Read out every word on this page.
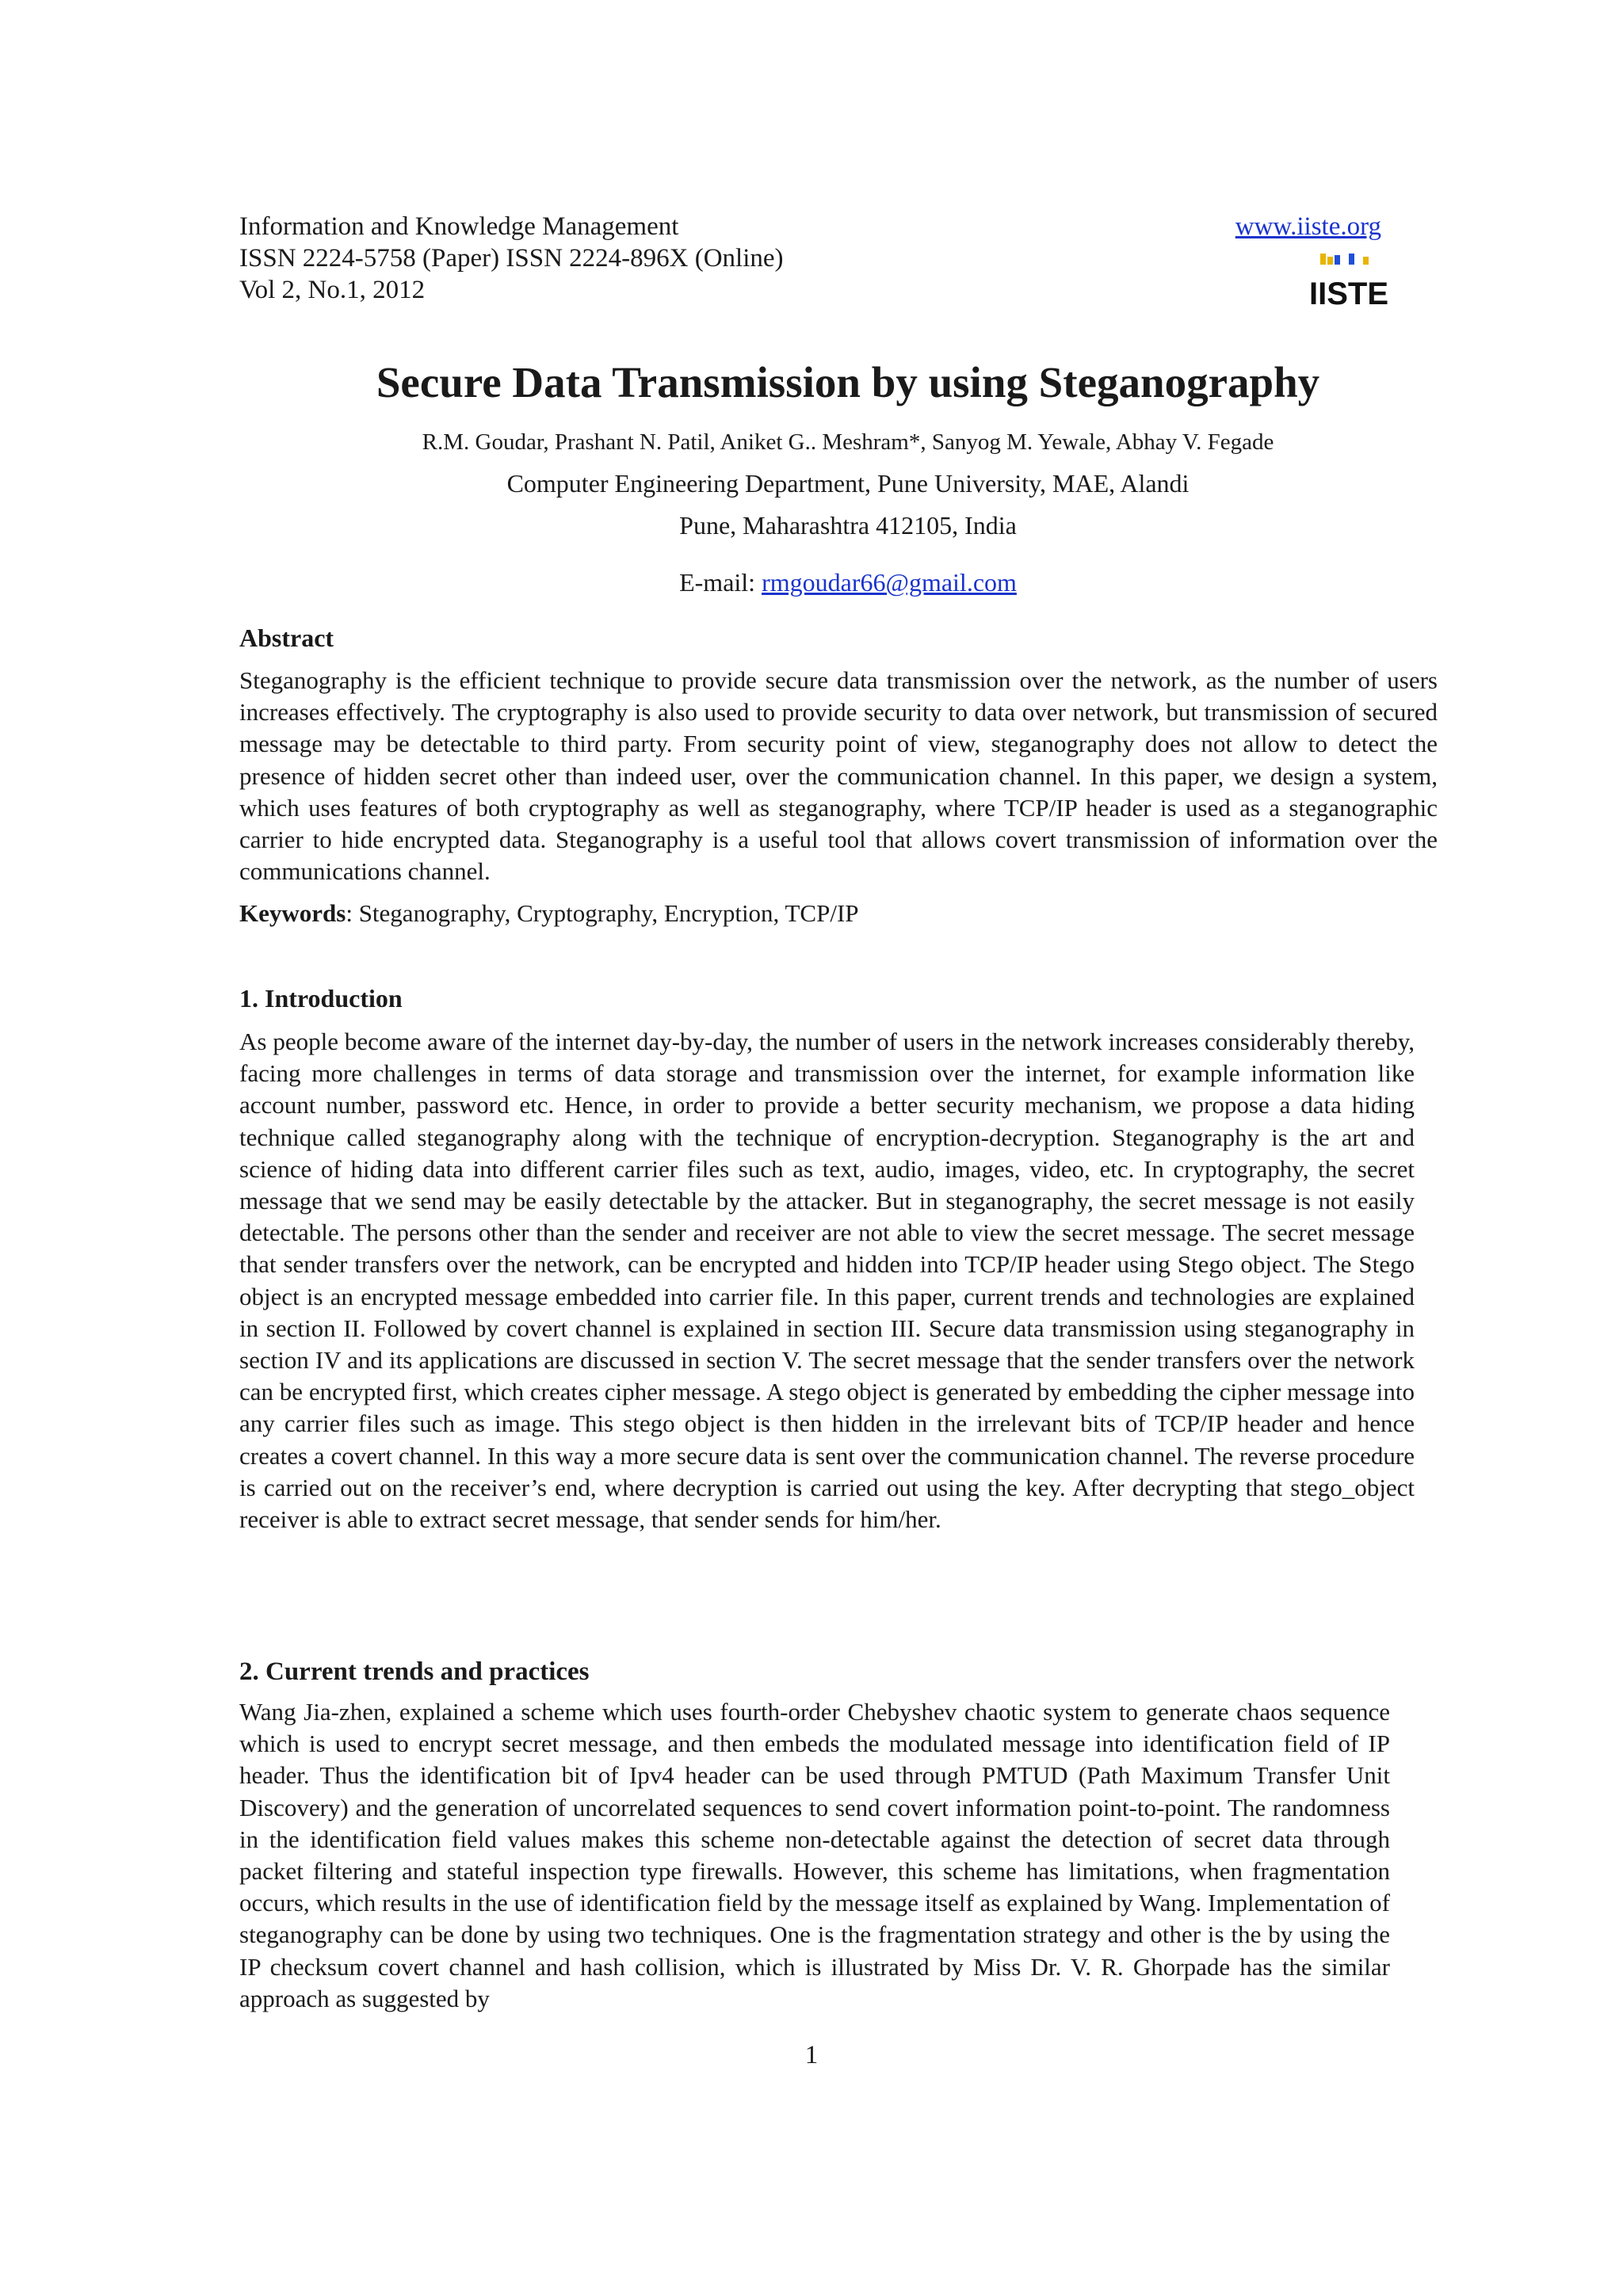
Information and Knowledge Management
ISSN 2224-5758 (Paper) ISSN 2224-896X (Online)
Vol 2, No.1, 2012
www.iiste.org
IISTE
Secure Data Transmission by using Steganography
R.M. Goudar, Prashant N. Patil, Aniket G.. Meshram*, Sanyog M. Yewale, Abhay V. Fegade
Computer Engineering Department, Pune University, MAE, Alandi
Pune, Maharashtra 412105, India
E-mail: rmgoudar66@gmail.com
Abstract

Steganography is the efficient technique to provide secure data transmission over the network, as the number of users increases effectively. The cryptography is also used to provide security to data over network, but transmission of secured message may be detectable to third party. From security point of view, steganography does not allow to detect the presence of hidden secret other than indeed user, over the communication channel. In this paper, we design a system, which uses features of both cryptography as well as steganography, where TCP/IP header is used as a steganographic carrier to hide encrypted data. Steganography is a useful tool that allows covert transmission of information over the communications channel.

Keywords: Steganography, Cryptography, Encryption, TCP/IP
1. Introduction

As people become aware of the internet day-by-day, the number of users in the network increases considerably thereby, facing more challenges in terms of data storage and transmission over the internet, for example information like account number, password etc. Hence, in order to provide a better security mechanism, we propose a data hiding technique called steganography along with the technique of encryption-decryption. Steganography is the art and science of hiding data into different carrier files such as text, audio, images, video, etc. In cryptography, the secret message that we send may be easily detectable by the attacker. But in steganography, the secret message is not easily detectable. The persons other than the sender and receiver are not able to view the secret message. The secret message that sender transfers over the network, can be encrypted and hidden into TCP/IP header using Stego object. The Stego object is an encrypted message embedded into carrier file. In this paper, current trends and technologies are explained in section II. Followed by covert channel is explained in section III. Secure data transmission using steganography in section IV and its applications are discussed in section V. The secret message that the sender transfers over the network can be encrypted first, which creates cipher message. A stego object is generated by embedding the cipher message into any carrier files such as image. This stego object is then hidden in the irrelevant bits of TCP/IP header and hence creates a covert channel. In this way a more secure data is sent over the communication channel. The reverse procedure is carried out on the receiver’s end, where decryption is carried out using the key. After decrypting that stego_object receiver is able to extract secret message, that sender sends for him/her.

2. Current trends and practices

Wang Jia-zhen, explained a scheme which uses fourth-order Chebyshev chaotic system to generate chaos sequence which is used to encrypt secret message, and then embeds the modulated message into identification field of IP header. Thus the identification bit of Ipv4 header can be used through PMTUD (Path Maximum Transfer Unit Discovery) and the generation of uncorrelated sequences to send covert information point-to-point. The randomness in the identification field values makes this scheme non-detectable against the detection of secret data through packet filtering and stateful inspection type firewalls. However, this scheme has limitations, when fragmentation occurs, which results in the use of identification field by the message itself as explained by Wang. Implementation of steganography can be done by using two techniques. One is the fragmentation strategy and other is the by using the IP checksum covert channel and hash collision, which is illustrated by Miss Dr. V. R. Ghorpade has the similar approach as suggested by

1
